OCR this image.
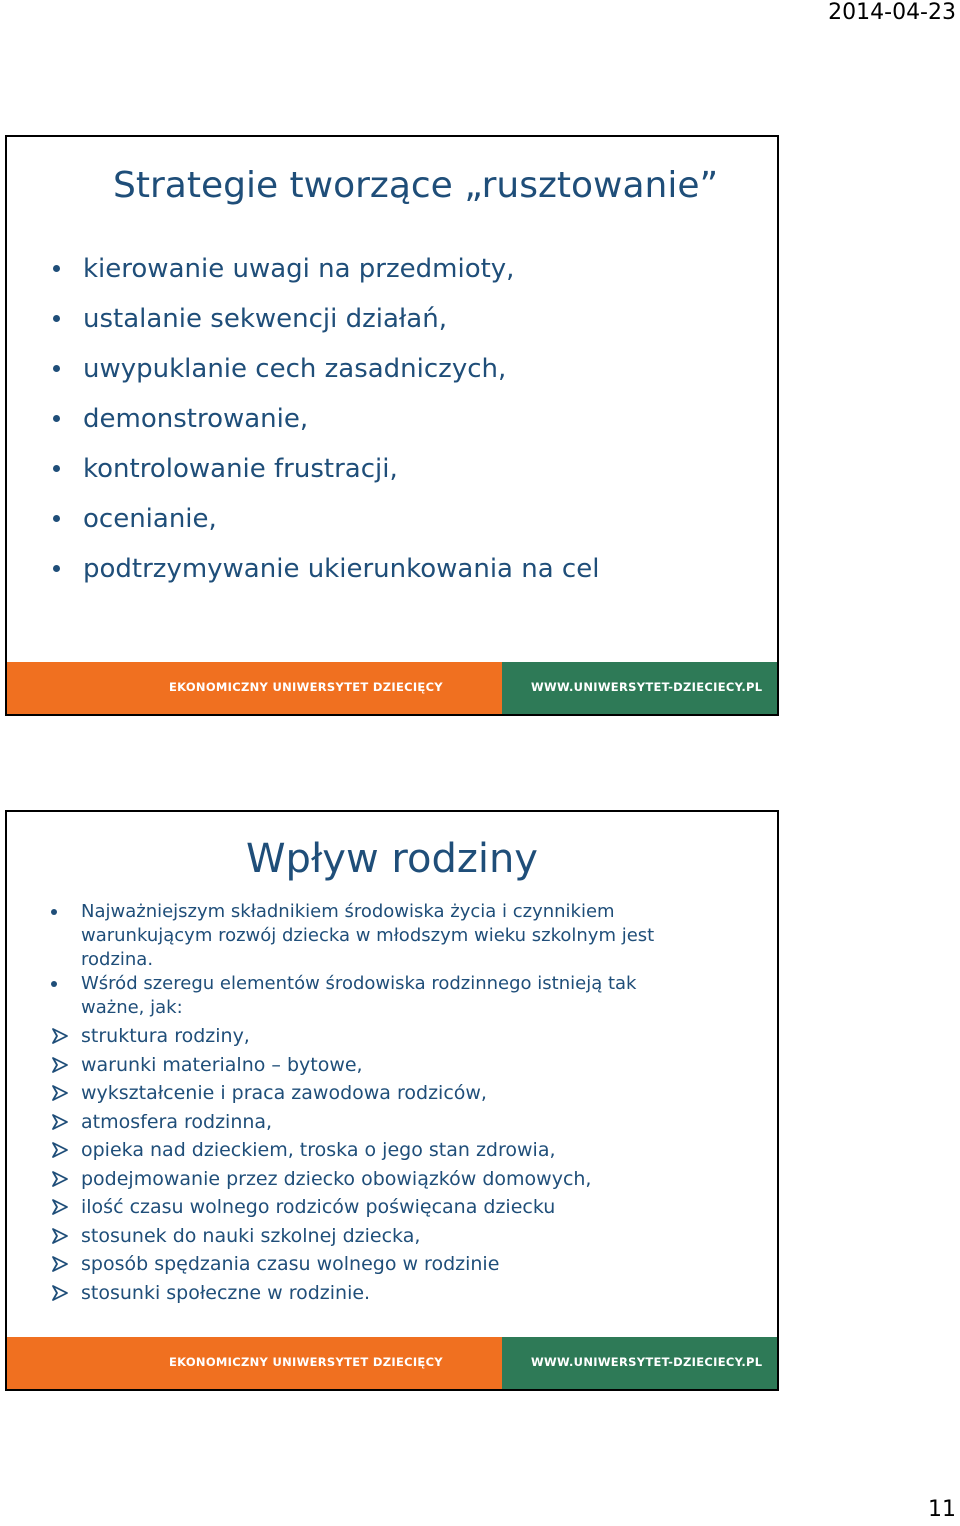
2014-04-23
Strategie tworzące „rusztowanie”
kierowanie uwagi na przedmioty,
ustalanie sekwencji działań,
uwypuklanie cech zasadniczych,
demonstrowanie,
kontrolowanie frustracji,
ocenianie,
podtrzymywanie ukierunkowania na cel
EKONOMICZNY UNIWERSYTET DZIECIĘCY	WWW.UNIWERSYTET-DZIECIECY.PL
Wpływ rodziny
Najważniejszym składnikiem środowiska życia i czynnikiem warunkującym rozwój dziecka w młodszym wieku szkolnym jest rodzina.
Wśród szeregu elementów środowiska rodzinnego istnieją tak ważne, jak:
struktura rodziny,
warunki materialno – bytowe,
wykształcenie i praca zawodowa rodziców,
atmosfera rodzinna,
opieka nad dzieckiem, troska o jego stan zdrowia,
podejmowanie przez dziecko obowiązków domowych,
ilość czasu wolnego rodziców poświęcana dziecku
stosunek do nauki szkolnej dziecka,
sposób spędzania czasu wolnego w rodzinie
stosunki społeczne w rodzinie.
EKONOMICZNY UNIWERSYTET DZIECIĘCY	WWW.UNIWERSYTET-DZIECIECY.PL
11
